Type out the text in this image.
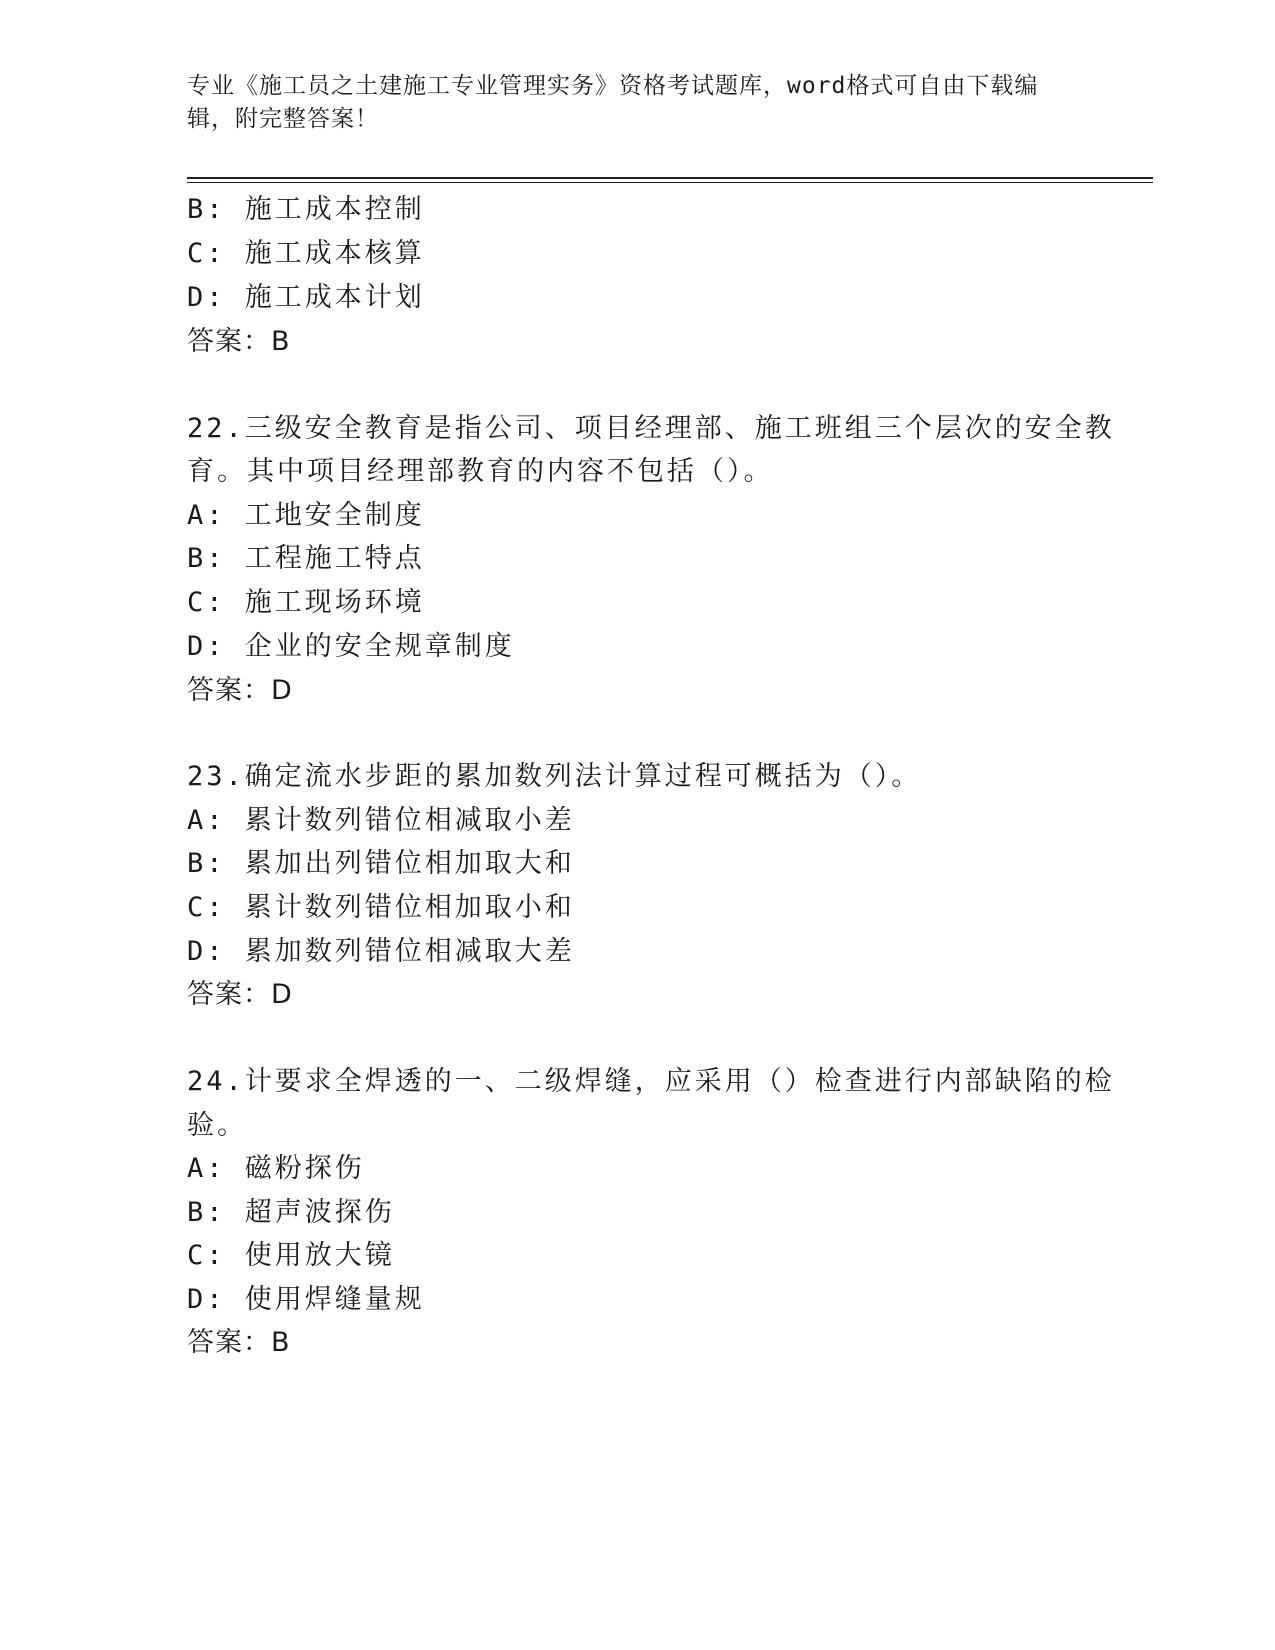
专业《施工员之土建施工专业管理实务》资格考试题库，word格式可自由下载编
辑，附完整答案！
B: 施工成本控制
C: 施工成本核算
D: 施工成本计划
答案：B
22.三级安全教育是指公司、项目经理部、施工班组三个层次的安全教
育。其中项目经理部教育的内容不包括（）。
A: 工地安全制度
B: 工程施工特点
C: 施工现场环境
D: 企业的安全规章制度
答案：D
23.确定流水步距的累加数列法计算过程可概括为（）。
A: 累计数列错位相减取小差
B: 累加出列错位相加取大和
C: 累计数列错位相加取小和
D: 累加数列错位相减取大差
答案：D
24.计要求全焊透的一、二级焊缝，应采用（）检查进行内部缺陷的检
验。
A: 磁粉探伤
B: 超声波探伤
C: 使用放大镜
D: 使用焊缝量规
答案：B
